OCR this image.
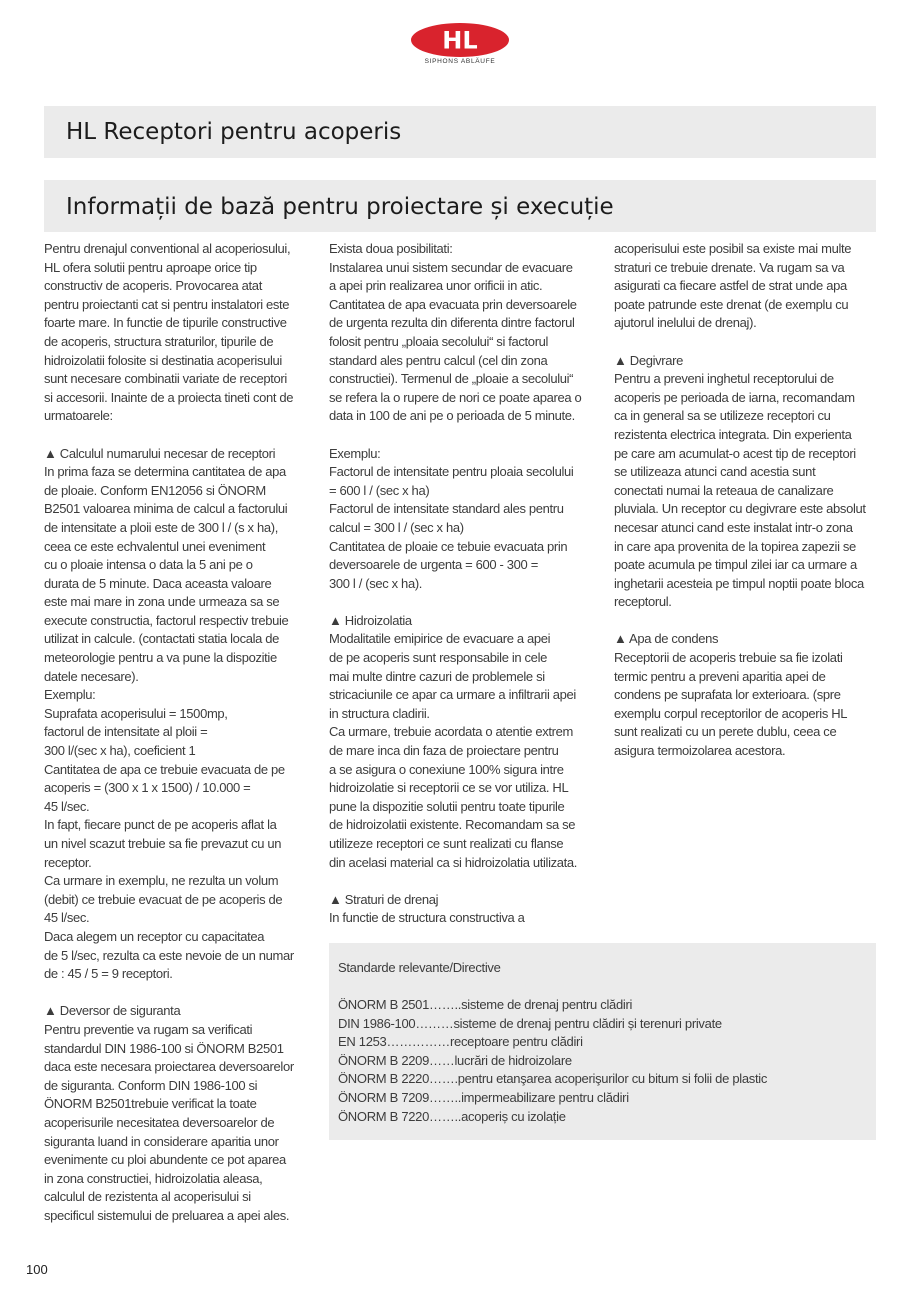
HL
SIPHONS ABLÄUFE
HL Receptori pentru acoperis
Informații de bază pentru proiectare și execuție
Pentru drenajul conventional al acoperiosului,
HL ofera solutii pentru aproape orice tip
constructiv de acoperis. Provocarea atat
pentru proiectanti cat si pentru instalatori este
foarte mare. In functie de tipurile constructive
de acoperis, structura straturilor, tipurile de
hidroizolatii folosite si destinatia acoperisului
sunt necesare combinatii variate de receptori
si accesorii. Inainte de a proiecta tineti cont de
urmatoarele:

▲ Calculul numarului necesar de receptori
In prima faza se determina cantitatea de apa
de ploaie. Conform EN12056 si ÖNORM
B2501 valoarea minima de calcul a factorului
de intensitate a ploii este de 300 l / (s x ha),
ceea ce este echvalentul unei eveniment
cu o ploaie intensa o data la 5 ani pe o
durata de 5 minute. Daca aceasta valoare
este mai mare in zona unde urmeaza sa se
execute constructia, factorul respectiv trebuie
utilizat in calcule. (contactati statia locala de
meteorologie pentru a va pune la dispozitie
datele necesare).
Exemplu:
Suprafata acoperisului = 1500mp,
factorul de intensitate al ploii =
300 l/(sec x ha), coeficient 1
Cantitatea de apa ce trebuie evacuata de pe
acoperis = (300 x 1 x 1500) / 10.000 =
45 l/sec.
In fapt, fiecare punct de pe acoperis aflat la
un nivel scazut trebuie sa fie prevazut cu un
receptor.
Ca urmare in exemplu, ne rezulta un volum
(debit) ce trebuie evacuat de pe acoperis de
45 l/sec.
Daca alegem un receptor cu capacitatea
de 5 l/sec, rezulta ca este nevoie de un numar
de : 45 / 5 = 9 receptori.

▲ Deversor de siguranta
Pentru preventie va rugam sa verificati
standardul DIN 1986-100 si ÖNORM B2501
daca este necesara proiectarea deversoarelor
de siguranta. Conform DIN 1986-100 si
ÖNORM B2501trebuie verificat la toate
acoperisurile necesitatea deversoarelor de
siguranta luand in considerare aparitia unor
evenimente cu ploi abundente ce pot aparea
in zona constructiei, hidroizolatia aleasa,
calculul de rezistenta al acoperisului si
specificul sistemului de preluarea a apei ales.
Exista doua posibilitati:
Instalarea unui sistem secundar de evacuare
a apei prin realizarea unor orificii in atic.
Cantitatea de apa evacuata prin deversoarele
de urgenta rezulta din diferenta dintre factorul
folosit pentru „ploaia secolului“ si factorul
standard ales pentru calcul (cel din zona
constructiei). Termenul de „ploaie a secolului“
se refera la o rupere de nori ce poate aparea o
data in 100 de ani pe o perioada de 5 minute.

Exemplu:
Factorul de intensitate pentru ploaia secolului
= 600 l / (sec x ha)
Factorul de intensitate standard ales pentru
calcul = 300 l / (sec x ha)
Cantitatea de ploaie ce tebuie evacuata prin
deversoarele de urgenta = 600 - 300 =
300 l / (sec x ha).

▲ Hidroizolatia
Modalitatile emipirice de evacuare a apei
de pe acoperis sunt responsabile in cele
mai multe dintre cazuri de problemele si
stricaciunile ce apar ca urmare a infiltrarii apei
in structura cladirii.
Ca urmare, trebuie acordata o atentie extrem
de mare inca din faza de proiectare pentru
a se asigura o conexiune 100% sigura intre
hidroizolatie si receptorii ce se vor utiliza. HL
pune la dispozitie solutii pentru toate tipurile
de hidroizolatii existente. Recomandam sa se
utilizeze receptori ce sunt realizati cu flanse
din acelasi material ca si hidroizolatia utilizata.

▲ Straturi de drenaj
In functie de structura constructiva a
acoperisului este posibil sa existe mai multe
straturi ce trebuie drenate. Va rugam sa va
asigurati ca fiecare astfel de strat unde apa
poate patrunde este drenat (de exemplu cu
ajutorul inelului de drenaj).

▲ Degivrare
Pentru a preveni inghetul receptorului de
acoperis pe perioada de iarna, recomandam
ca in general sa se utilizeze receptori cu
rezistenta electrica integrata. Din experienta
pe care am acumulat-o acest tip de receptori
se utilizeaza atunci cand acestia sunt
conectati numai la reteaua de canalizare
pluviala. Un receptor cu degivrare este absolut
necesar atunci cand este instalat intr-o zona
in care apa provenita de la topirea zapezii se
poate acumula pe timpul zilei iar ca urmare a
inghetarii acesteia pe timpul noptii poate bloca
receptorul.

▲ Apa de condens
Receptorii de acoperis trebuie sa fie izolati
termic pentru a preveni aparitia apei de
condens pe suprafata lor exterioara. (spre
exemplu corpul receptorilor de acoperis HL
sunt realizati cu un perete dublu, ceea ce
asigura termoizolarea acestora.
Standarde relevante/Directive
ÖNORM B 2501……..sisteme de drenaj pentru clădiri
DIN 1986-100………sisteme de drenaj pentru clădiri și terenuri private
EN 1253……………receptoare pentru clădiri
ÖNORM B 2209……lucrări de hidroizolare
ÖNORM B 2220…….pentru etanşarea acoperişurilor cu bitum si folii de plastic
ÖNORM B 7209……..impermeabilizare pentru clădiri
ÖNORM B 7220……..acoperiș cu izolație
100
